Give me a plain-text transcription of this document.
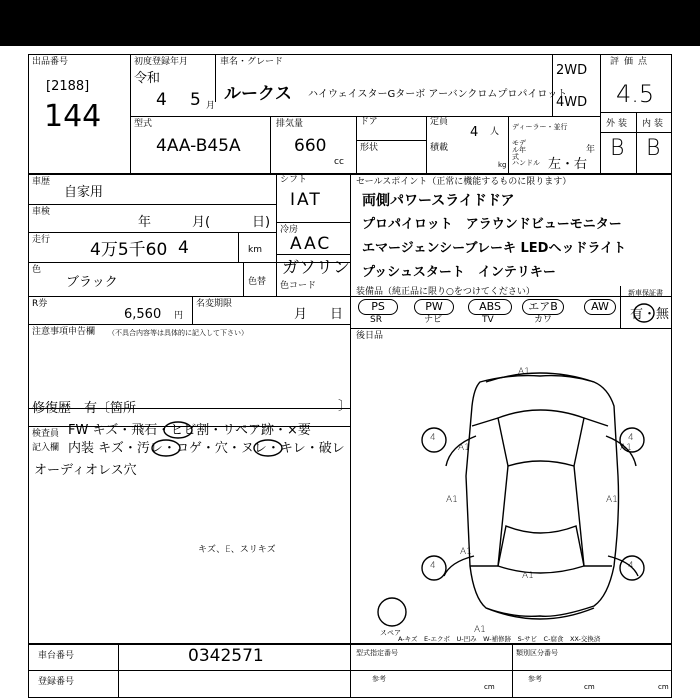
出品番号
[2188]
144
初度登録年月
令和
4 5 月
車名・グレード
ルークス ハイウェイスターGターボ アーバンクロムプロパイロット
2WD
4WD
評価点
4.5
外装 内装
B B
型式
4AA-B45A
排気量
660
cc
ドア
形状
定員
4 人
積載
kg
ディーラー・並行
モデル年式
年
ハンドル 左・右
車歴
自家用
車検
年	月(	日)
走行 4万5千60 4	km
色
ブラック	色替
シフト
IAT
冷房
AAC
ガソリン
色コード
R券
6,560 円
名変期限
月 日
注意事項申告欄 （不具合内容等は具体的に記入して下さい）
修復歴 有〔箇所	〕
検査員
記入欄
FW キズ・飛石・ヒビ割・リペア跡・×要
内装 キズ・汚レ・コゲ・穴・ヌレ・キレ・破レ
オーディオレス穴
キズ、E、スリキズ
セールスポイント（正常に機能するものに限ります）
両側パワースライドドア
プロパイロット　アラウンドビューモニター
エマージェンシーブレーキ LEDヘッドライト
プッシュスタート　インテリキー
装備品（純正品に限り○をつけてください）
PS	PW	ABS	エアB	AW
SR	ナビ	TV	カワ
新車保証書
有・無
後日品
A1
A1	A1
A1	A1
A1
A1
A1
4	4
4	4
スペア
A-キズ　E-エクボ　U-凹み　W-補修跡　S-サビ　C-腐食　XX-交換済
車台番号	0342571
登録番号
型式指定番号	類別区分番号
参考	参考
cm	cm	cm
